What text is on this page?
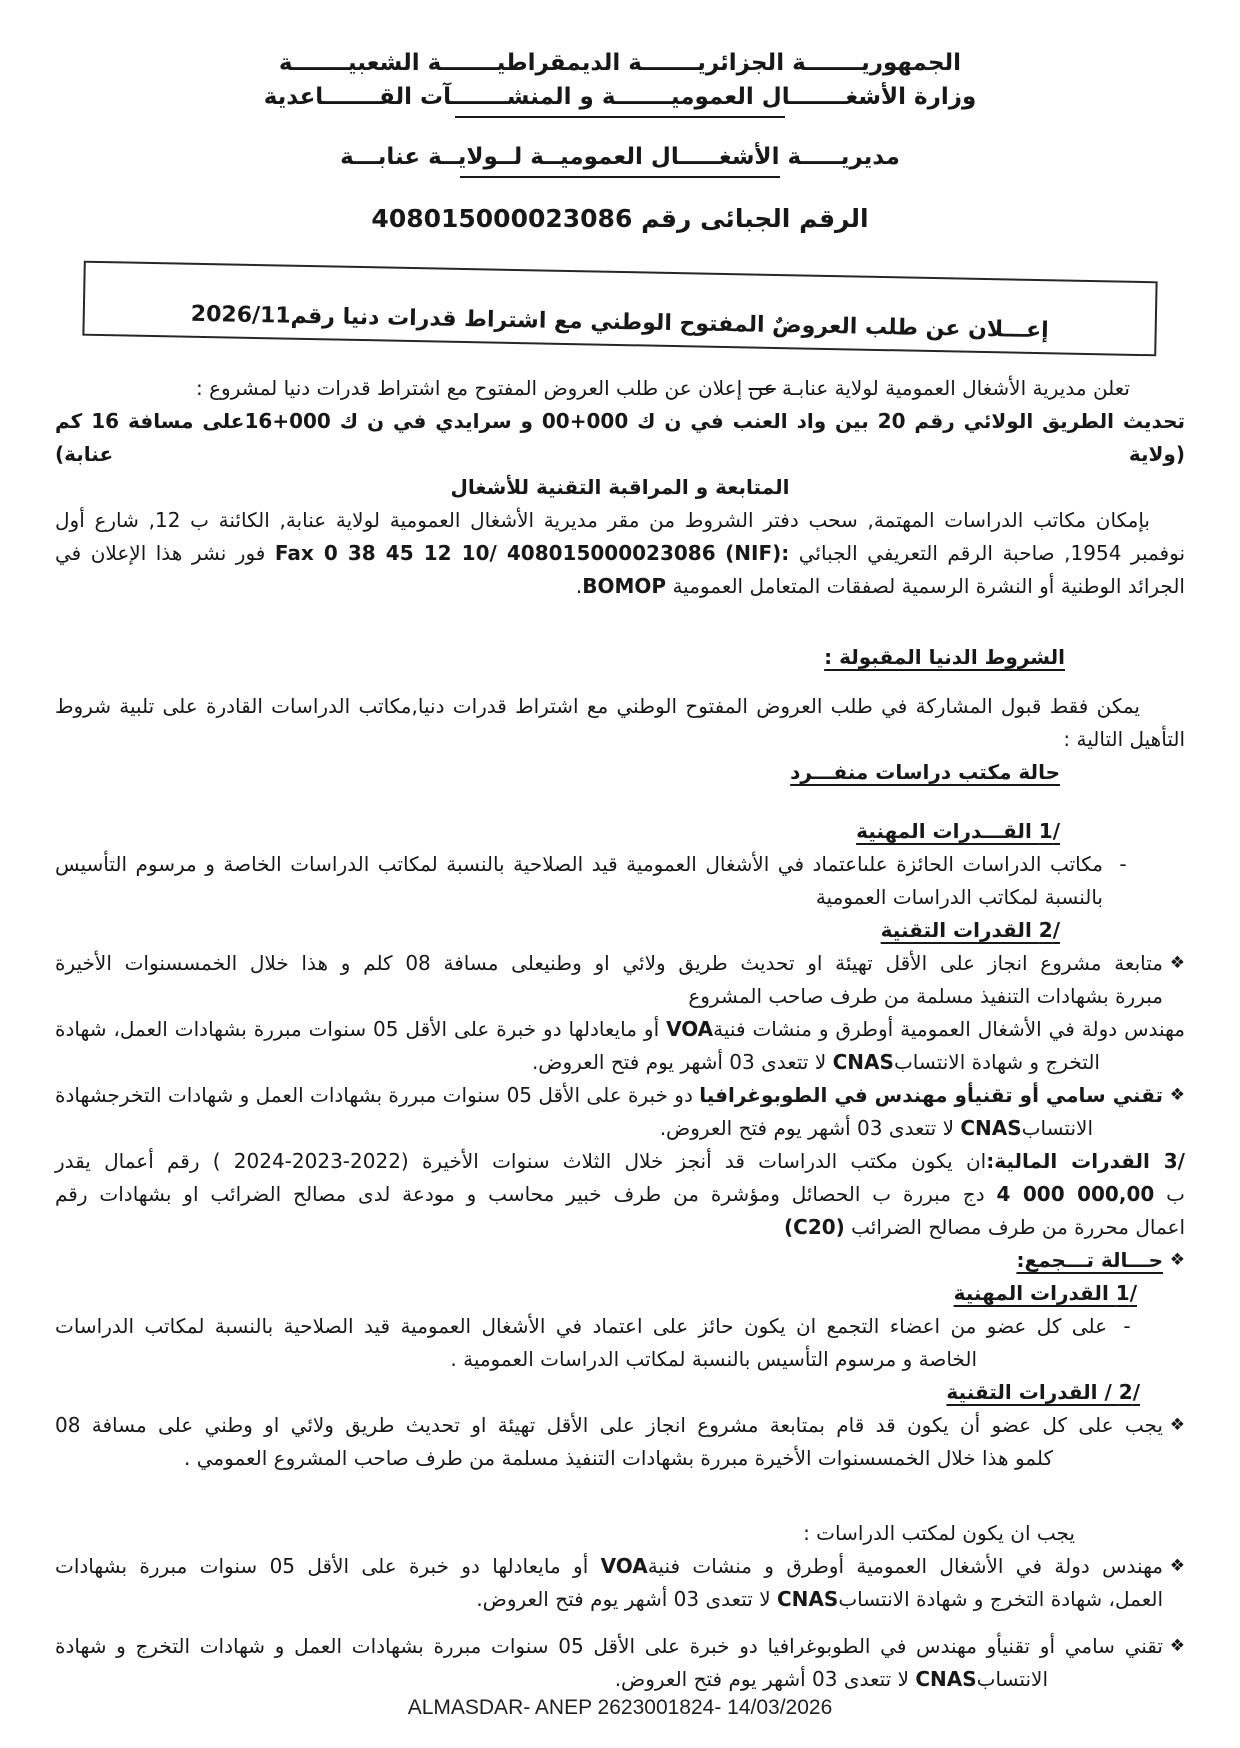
الجمهوريـــــــة الجزائريـــــــة الديمقراطيـــــــة الشعبيـــــــة
وزارة الأشغـــــــال العموميـــــــة و المنشـــــــآت القـــــــاعدية
مديريـــــة الأشغـــــال العموميــة لــولايــة عنابـــة
الرقم الجبائى رقم 408015000023086
إعـــلان عن طلب العروضٌ المفتوح الوطني مع اشتراط قدرات دنيا رقم2026/11
تعلن مديرية الأشغال العمومية لولاية عنابـة عن إعلان عن طلب العروض المفتوح مع اشتراط قدرات دنيا لمشروع :
تحديث الطريق الولائي رقم 20 بين واد العنب في ن ك 00+000 و سرايدي في ن ك 16+000على مسافة 16 كم (ولاية عنابة)
المتابعة و المراقبة التقنية للأشغال
بإمكان مكاتب الدراسات المهتمة, سحب دفتر الشروط من مقر مديرية الأشغال العمومية لولاية عنابة, الكائنة ب 12, شارع أول
نوفمبر 1954, صاحبة الرقم التعريفي الجبائي (NIF): Fax 0 38 45 12 10/ 408015000023086 فور نشر هذا الإعلان في
الجرائد الوطنية أو النشرة الرسمية لصفقات المتعامل العمومية BOMOP.
الشروط الدنيا المقبولة :
يمكن فقط قبول المشاركة في طلب العروض المفتوح الوطني مع اشتراط قدرات دنيا,مكاتب الدراسات القادرة على تلبية شروط
التأهيل التالية :
حالة مكتب دراسات منفـــرد
/1 القـــدرات المهنية
-
مكاتب الدراسات الحائزة علىاعتماد في الأشغال العمومية قيد الصلاحية بالنسبة لمكاتب الدراسات الخاصة و مرسوم التأسيس
بالنسبة لمكاتب الدراسات العمومية
/2 القدرات التقنية
❖
متابعة مشروع انجاز على الأقل تهيئة او تحديث طريق ولائي او وطنيعلى مسافة 08 كلم و هذا خلال الخمسسنوات الأخيرة
مبررة بشهادات التنفيذ مسلمة من طرف صاحب المشروع
مهندس دولة في الأشغال العمومية أوطرق و منشات فنيةVOA أو مايعادلها دو خبرة على الأقل 05 سنوات مبررة بشهادات العمل، شهادة
التخرج و شهادة الانتسابCNAS لا تتعدى 03 أشهر يوم فتح العروض.
❖
تقني سامي أو تقنيأو مهندس في الطوبوغرافيا دو خبرة على الأقل 05 سنوات مبررة بشهادات العمل و شهادات التخرجشهادة
الانتسابCNAS لا تتعدى 03 أشهر يوم فتح العروض.
/3 القدرات المالية:ان يكون مكتب الدراسات قد أنجز خلال الثلاث سنوات الأخيرة ( 2024-2023-2022) رقم أعمال يقدر
ب 4 000 000,00 دج مبررة ب الحصائل ومؤشرة من طرف خبير محاسب و مودعة لدى مصالح الضرائب او بشهادات رقم
اعمال محررة من طرف مصالح الضرائب (C20)
❖
حـــالة تـــجمع:
/1 القدرات المهنية
-
على كل عضو من اعضاء التجمع ان يكون حائز على اعتماد في الأشغال العمومية قيد الصلاحية بالنسبة لمكاتب الدراسات
الخاصة و مرسوم التأسيس بالنسبة لمكاتب الدراسات العمومية .
/2 / القدرات التقنية
❖
يجب على كل عضو أن يكون قد قام بمتابعة مشروع انجاز على الأقل تهيئة او تحديث طريق ولائي او وطني على مسافة 08
كلمو هذا خلال الخمسسنوات الأخيرة مبررة بشهادات التنفيذ مسلمة من طرف صاحب المشروع العمومي .
يجب ان يكون لمكتب الدراسات :
❖
مهندس دولة في الأشغال العمومية أوطرق و منشات فنيةVOA أو مايعادلها دو خبرة على الأقل 05 سنوات مبررة بشهادات
العمل، شهادة التخرج و شهادة الانتسابCNAS لا تتعدى 03 أشهر يوم فتح العروض.
❖
تقني سامي أو تقنيأو مهندس في الطوبوغرافيا دو خبرة على الأقل 05 سنوات مبررة بشهادات العمل و شهادات التخرج و شهادة
الانتسابCNAS لا تتعدى 03 أشهر يوم فتح العروض.
ALMASDAR- ANEP 2623001824- 14/03/2026
